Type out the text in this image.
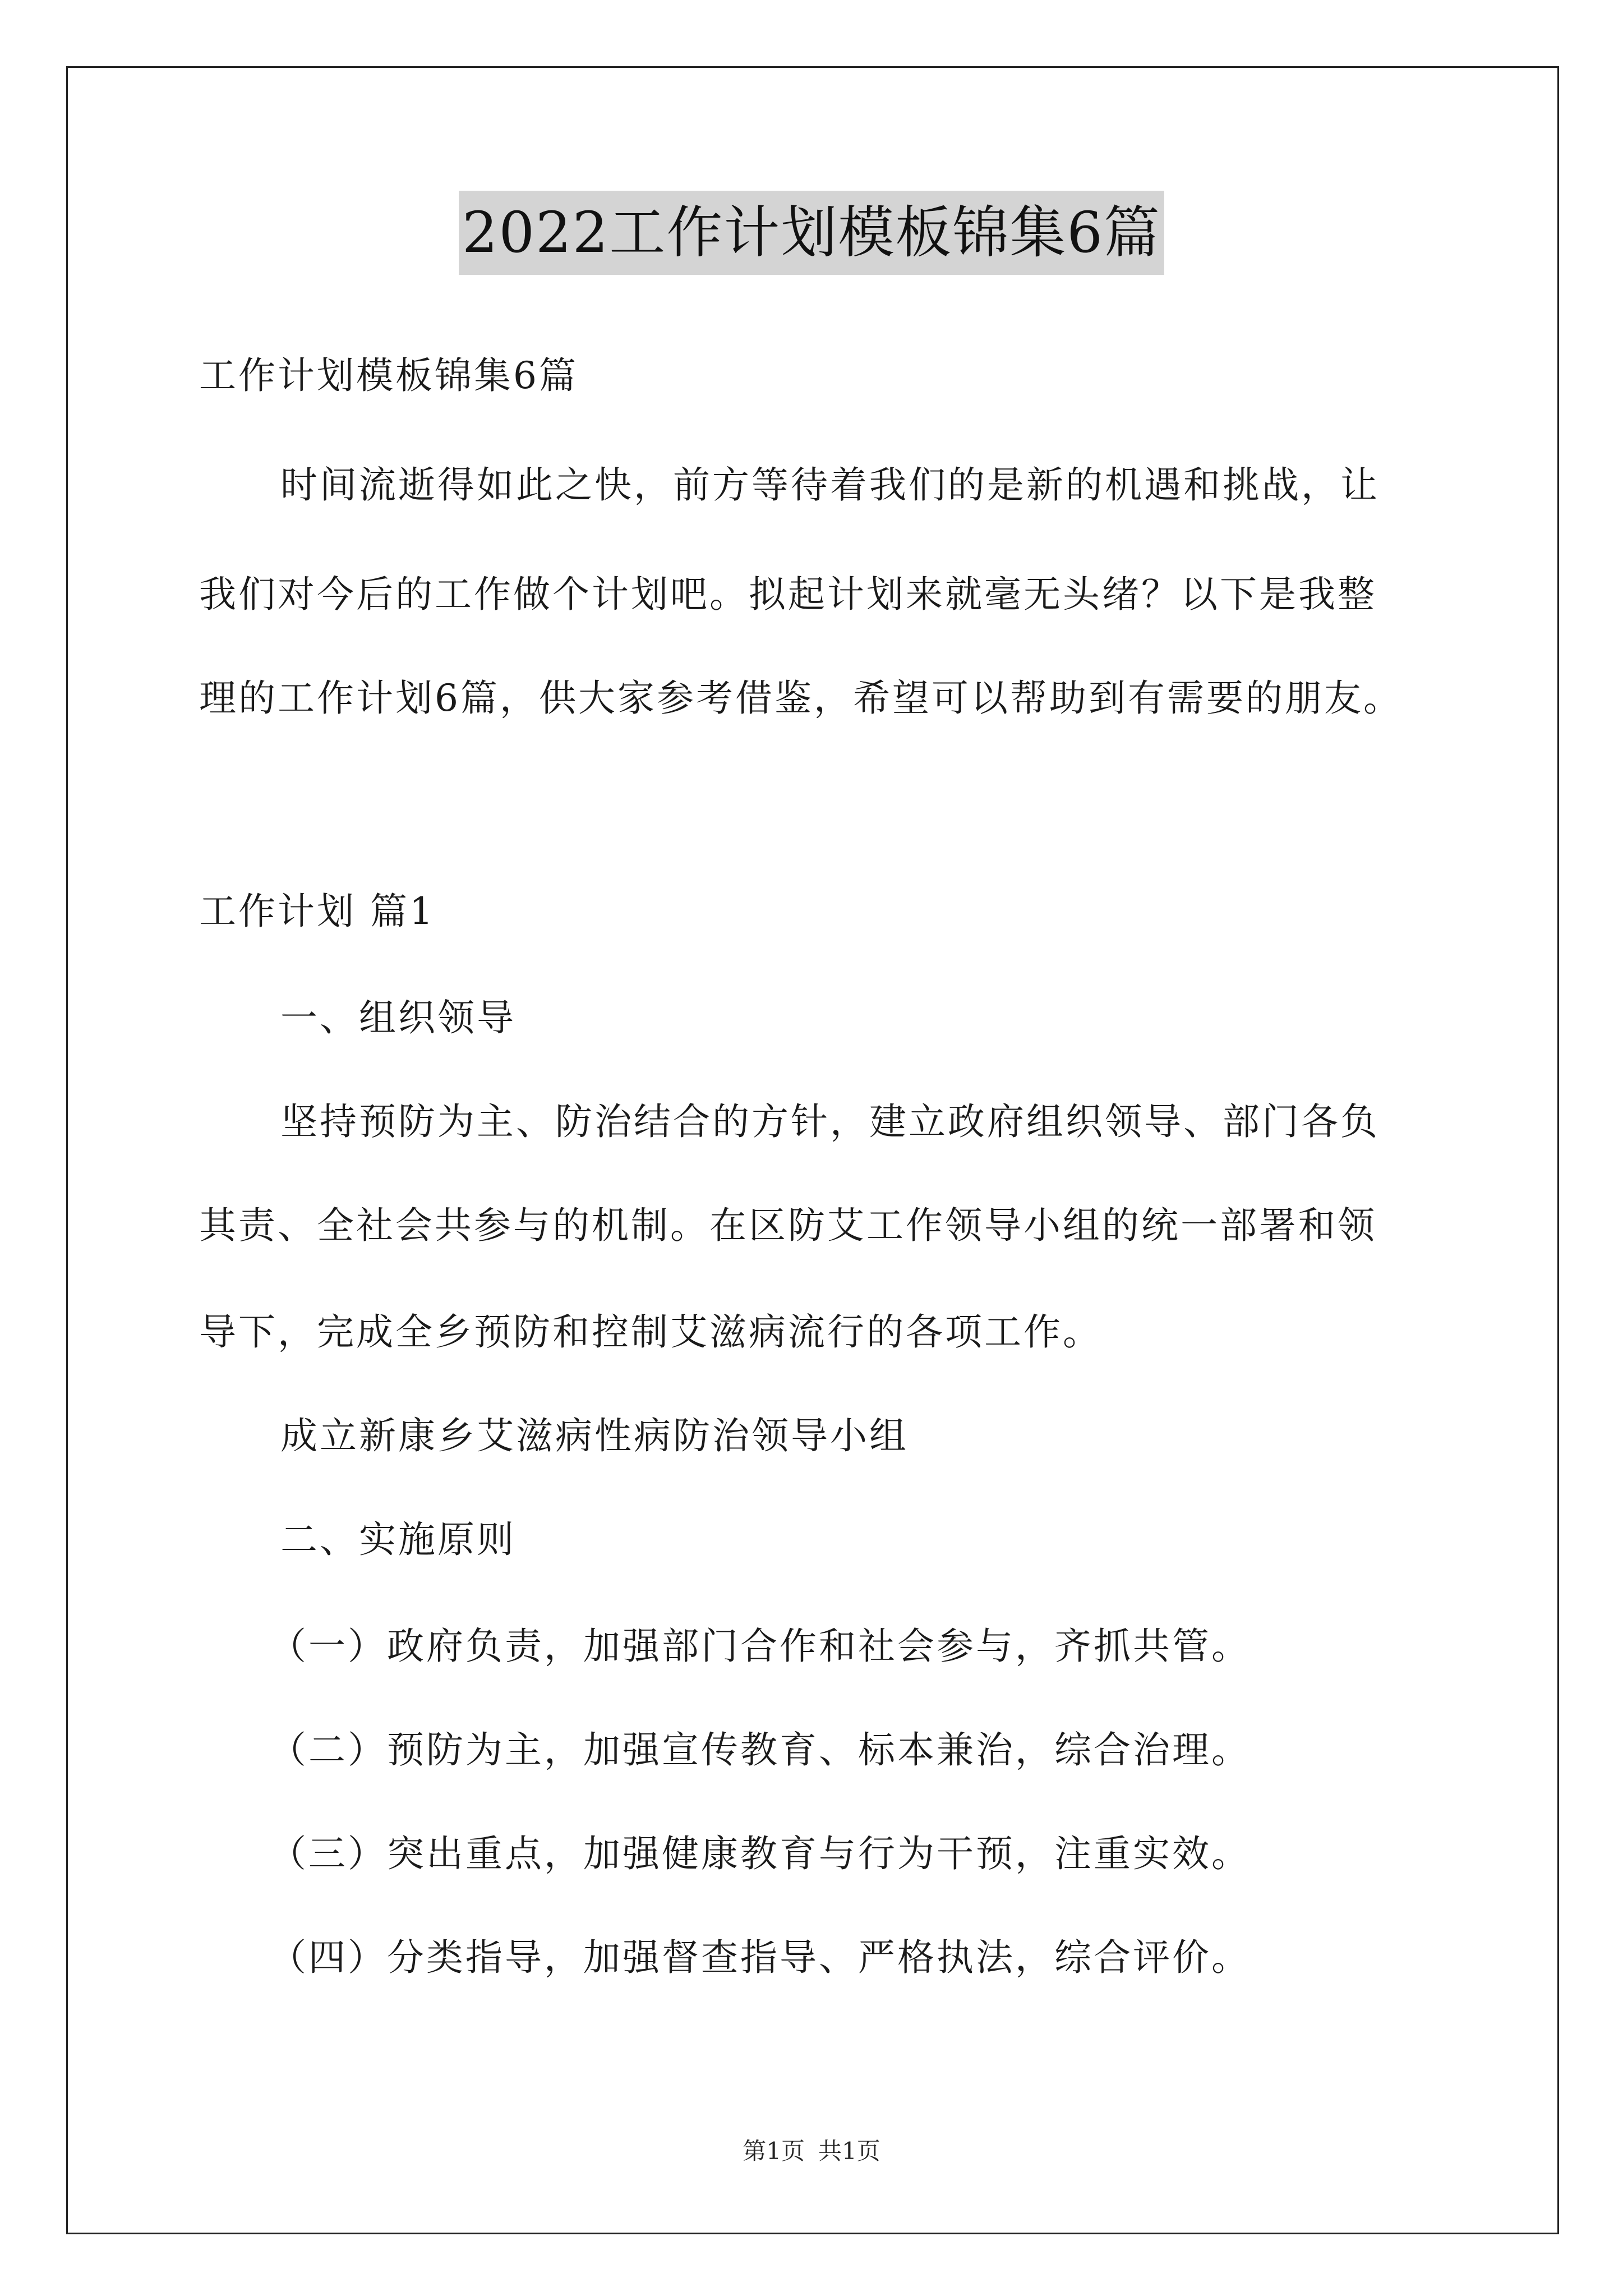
2022工作计划模板锦集6篇
工作计划模板锦集6篇
时间流逝得如此之快，前方等待着我们的是新的机遇和挑战，让
我们对今后的工作做个计划吧。拟起计划来就毫无头绪？以下是我整
理的工作计划6篇，供大家参考借鉴，希望可以帮助到有需要的朋友。
工作计划 篇1
一、组织领导
坚持预防为主、防治结合的方针，建立政府组织领导、部门各负
其责、全社会共参与的机制。在区防艾工作领导小组的统一部署和领
导下，完成全乡预防和控制艾滋病流行的各项工作。
成立新康乡艾滋病性病防治领导小组
二、实施原则
（一）政府负责，加强部门合作和社会参与，齐抓共管。
（二）预防为主，加强宣传教育、标本兼治，综合治理。
（三）突出重点，加强健康教育与行为干预，注重实效。
（四）分类指导，加强督查指导、严格执法，综合评价。
第1页 共1页
